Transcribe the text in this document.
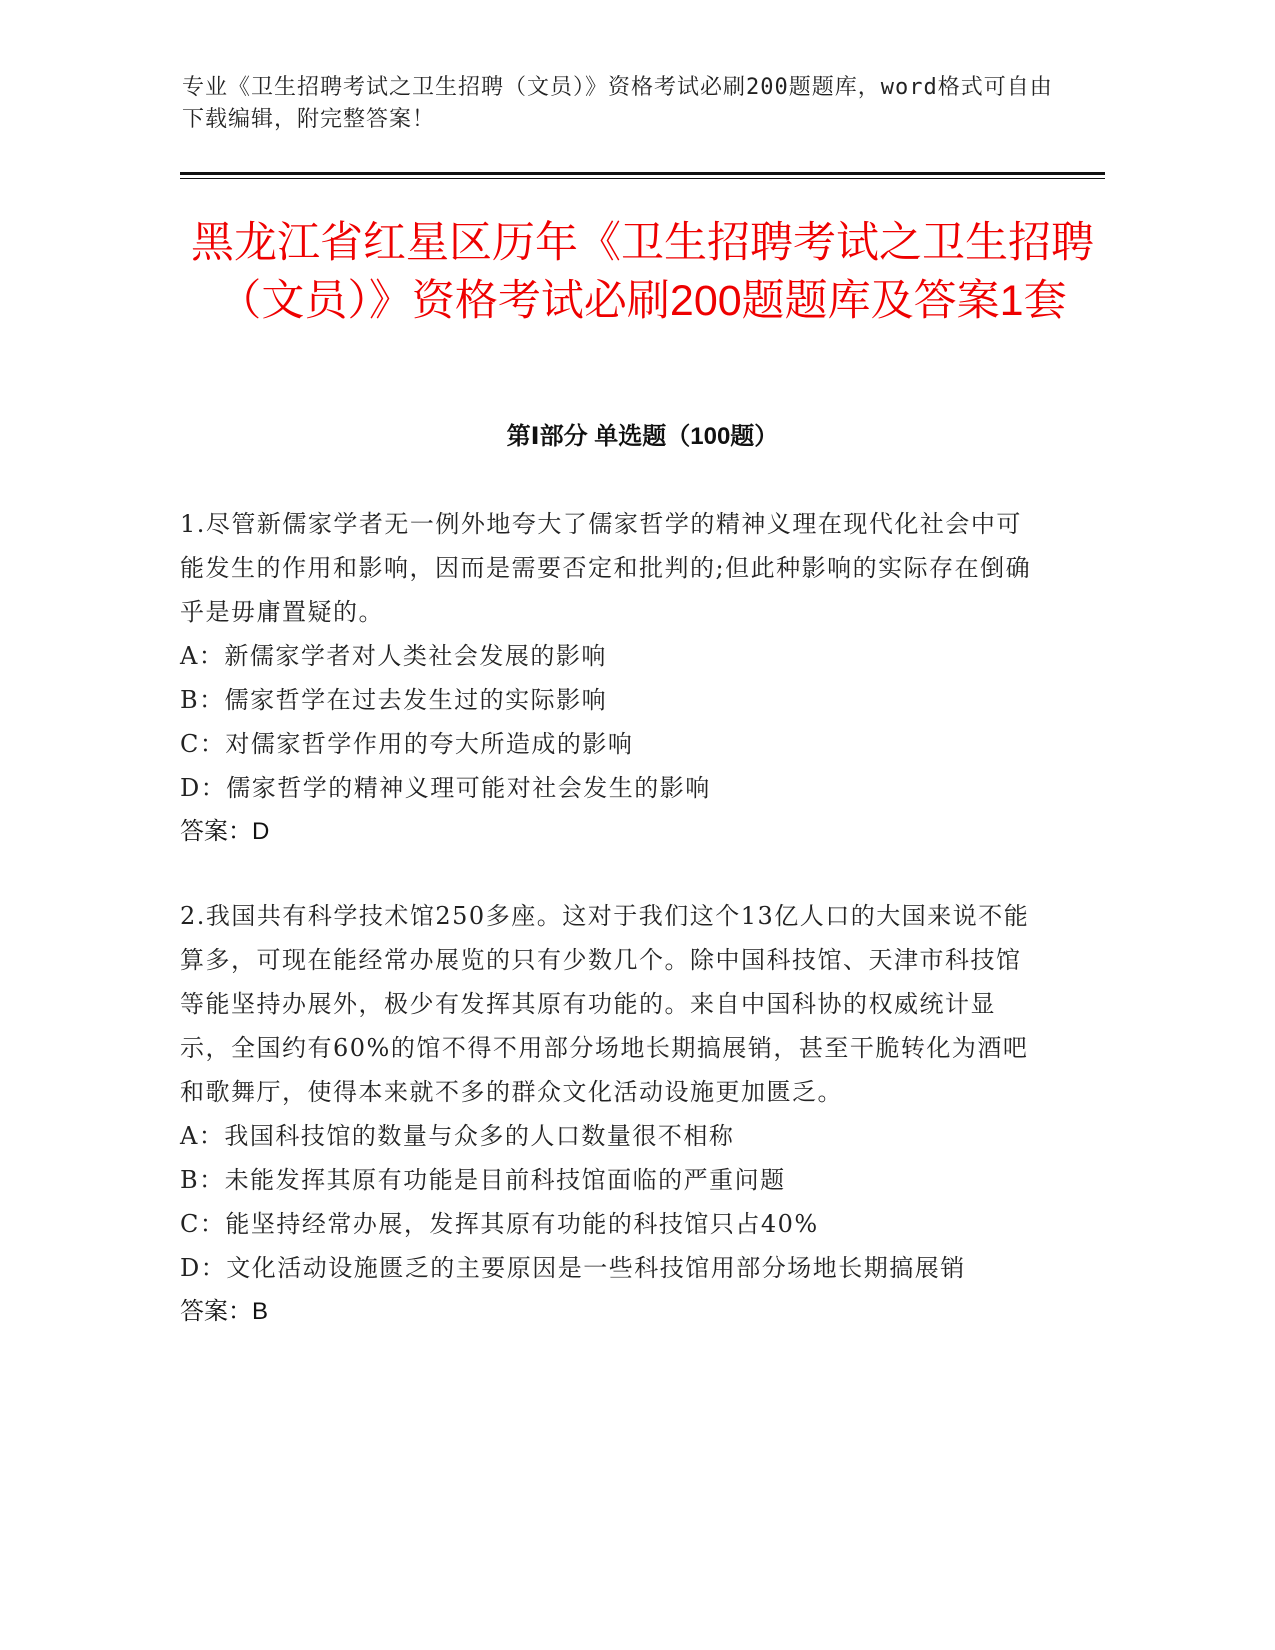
专业《卫生招聘考试之卫生招聘（文员）》资格考试必刷200题题库，word格式可自由下载编辑，附完整答案！
黑龙江省红星区历年《卫生招聘考试之卫生招聘（文员）》资格考试必刷200题题库及答案1套
第Ⅰ部分 单选题（100题）

1.尽管新儒家学者无一例外地夸大了儒家哲学的精神义理在现代化社会中可能发生的作用和影响，因而是需要否定和批判的;但此种影响的实际存在倒确乎是毋庸置疑的。

A：新儒家学者对人类社会发展的影响

B：儒家哲学在过去发生过的实际影响

C：对儒家哲学作用的夸大所造成的影响

D：儒家哲学的精神义理可能对社会发生的影响

答案：D

2.我国共有科学技术馆250多座。这对于我们这个13亿人口的大国来说不能算多，可现在能经常办展览的只有少数几个。除中国科技馆、天津市科技馆等能坚持办展外，极少有发挥其原有功能的。来自中国科协的权威统计显示，全国约有60%的馆不得不用部分场地长期搞展销，甚至干脆转化为酒吧和歌舞厅，使得本来就不多的群众文化活动设施更加匮乏。

A：我国科技馆的数量与众多的人口数量很不相称

B：未能发挥其原有功能是目前科技馆面临的严重问题

C：能坚持经常办展，发挥其原有功能的科技馆只占40%

D：文化活动设施匮乏的主要原因是一些科技馆用部分场地长期搞展销

答案：B
